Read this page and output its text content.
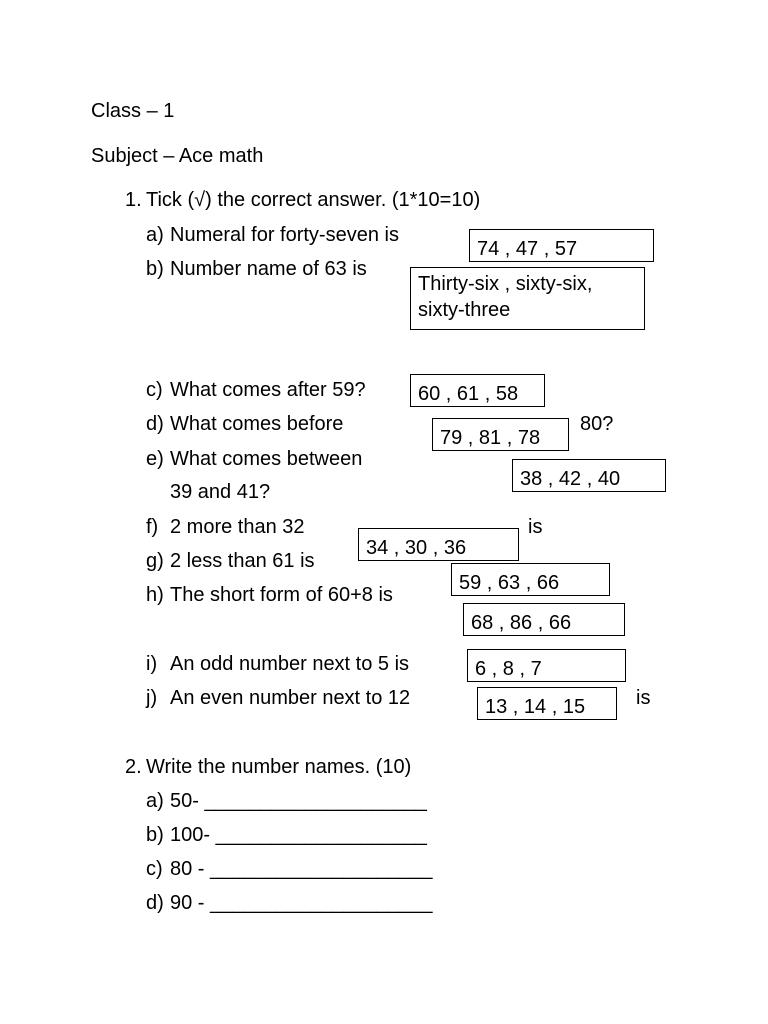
Class – 1
Subject – Ace math
1. Tick (√) the correct answer. (1*10=10)
a) Numeral for forty-seven is
74 , 47 , 57
b) Number name of 63 is
Thirty-six , sixty-six,
sixty-three
c) What comes after 59?	60 , 61 , 58
d) What comes before
79 , 81 , 78
80?
e) What comes between
39 and 41?
38 , 42 , 40
f) 2 more than 32	is
g) 2 less than 61 is
34 , 30 , 36
h) The short form of 60+8 is
59 , 63 , 66
68 , 86 , 66
i) An odd number next to 5 is	6 , 8 , 7
j) An even number next to 12	13 , 14 , 15	is
2. Write the number names. (10)
a) 50- ____________________
b) 100- ___________________
c) 80 - ____________________
d) 90 - ____________________
